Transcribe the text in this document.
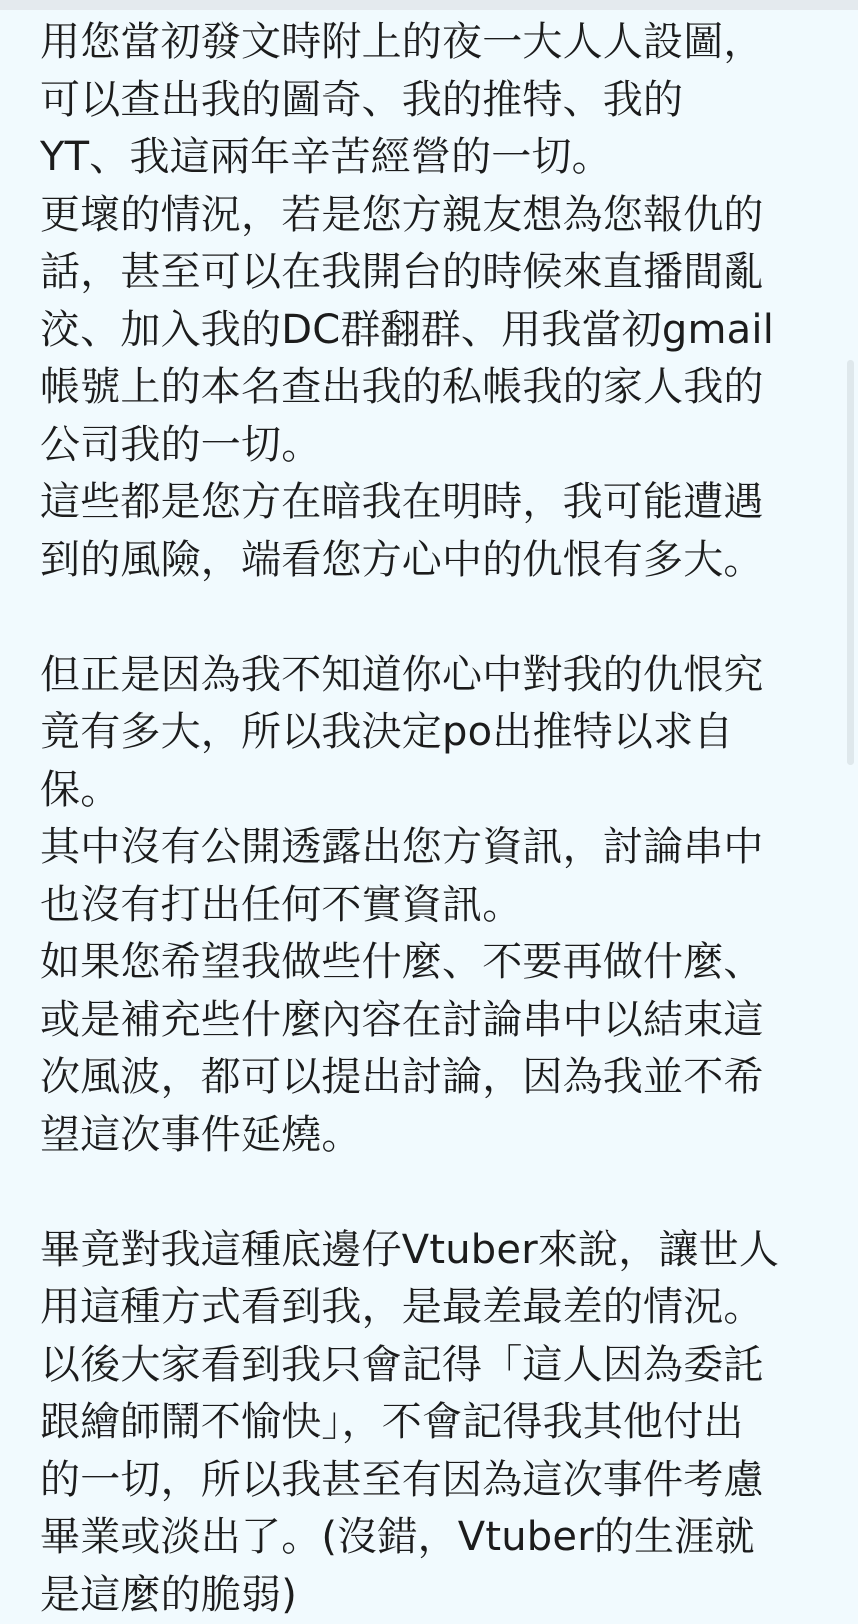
用您當初發文時附上的夜一大人人設圖，
可以查出我的圖奇、我的推特、我的
YT、我這兩年辛苦經營的一切。
更壞的情況，若是您方親友想為您報仇的
話，甚至可以在我開台的時候來直播間亂
洨、加入我的DC群翻群、用我當初gmail
帳號上的本名查出我的私帳我的家人我的
公司我的一切。
這些都是您方在暗我在明時，我可能遭遇
到的風險，端看您方心中的仇恨有多大。
但正是因為我不知道你心中對我的仇恨究
竟有多大，所以我決定po出推特以求自
保。
其中沒有公開透露出您方資訊，討論串中
也沒有打出任何不實資訊。
如果您希望我做些什麼、不要再做什麼、
或是補充些什麼內容在討論串中以結束這
次風波，都可以提出討論，因為我並不希
望這次事件延燒。
畢竟對我這種底邊仔Vtuber來說，讓世人
用這種方式看到我，是最差最差的情況。
以後大家看到我只會記得「這人因為委託
跟繪師鬧不愉快」，不會記得我其他付出
的一切，所以我甚至有因為這次事件考慮
畢業或淡出了。(沒錯，Vtuber的生涯就
是這麼的脆弱)
